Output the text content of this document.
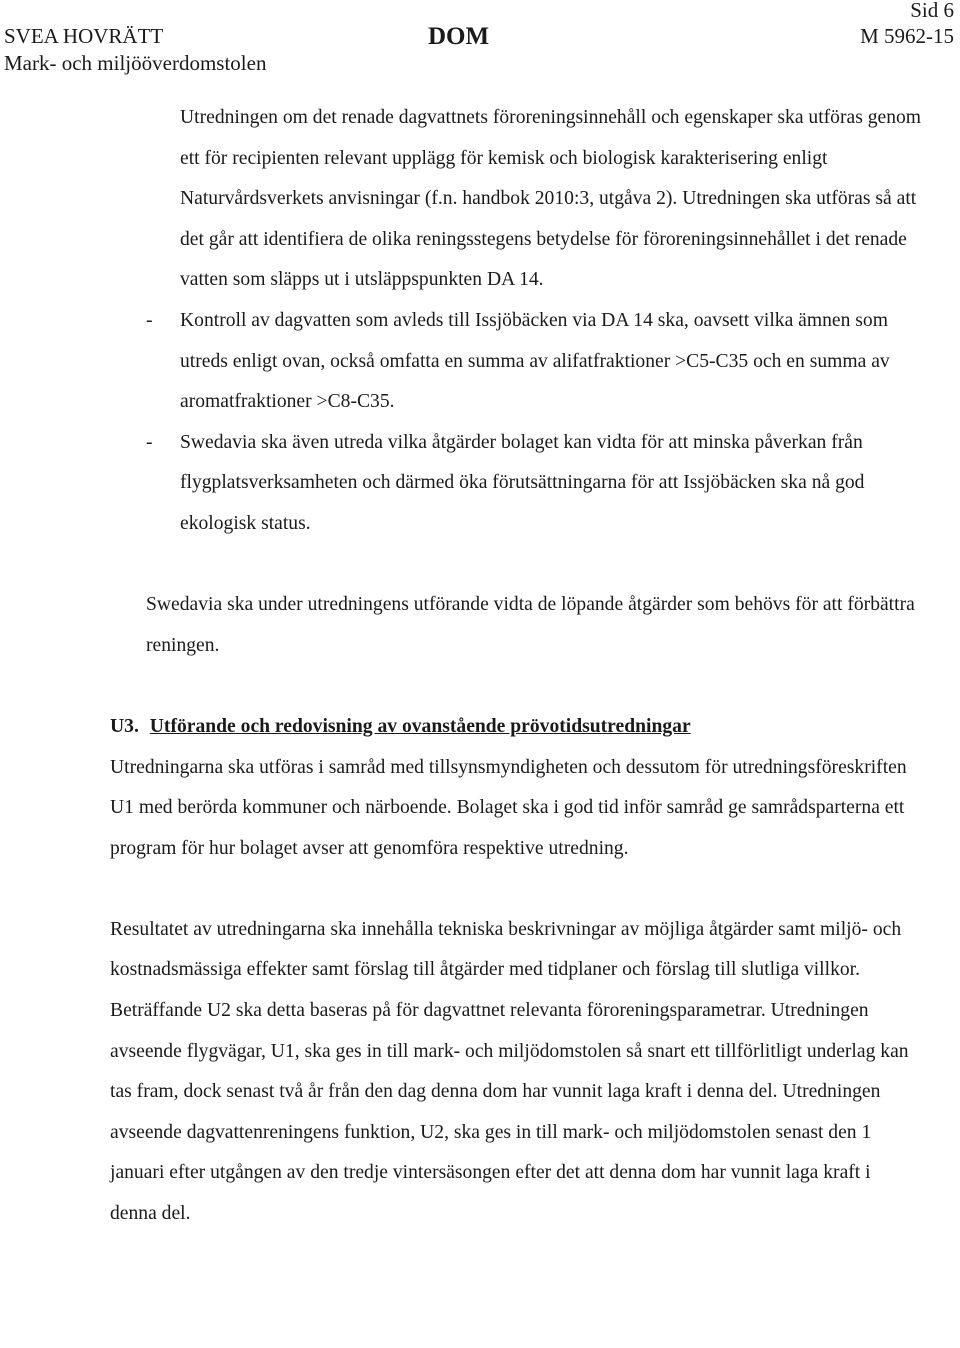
Sid 6
SVEA HOVRÄTT
Mark- och miljööverdomstolen
DOM	M 5962-15

Utredningen om det renade dagvattnets föroreningsinnehåll och egenskaper ska utföras genom ett för recipienten relevant upplägg för kemisk och biologisk karakterisering enligt Naturvårdsverkets anvisningar (f.n. handbok 2010:3, utgåva 2). Utredningen ska utföras så att det går att identifiera de olika reningsstegens betydelse för föroreningsinnehållet i det renade vatten som släpps ut i utsläppspunkten DA 14.

- Kontroll av dagvatten som avleds till Issjöbäcken via DA 14 ska, oavsett vilka ämnen som utreds enligt ovan, också omfatta en summa av alifatfraktioner >C5-C35 och en summa av aromatfraktioner >C8-C35.
- Swedavia ska även utreda vilka åtgärder bolaget kan vidta för att minska påverkan från flygplatsverksamheten och därmed öka förutsättningarna för att Issjöbäcken ska nå god ekologisk status.

Swedavia ska under utredningens utförande vidta de löpande åtgärder som behövs för att förbättra reningen.

U3. Utförande och redovisning av ovanstående prövotidsutredningar

Utredningarna ska utföras i samråd med tillsynsmyndigheten och dessutom för utredningsföreskriften U1 med berörda kommuner och närboende. Bolaget ska i god tid inför samråd ge samrådsparterna ett program för hur bolaget avser att genomföra respektive utredning.

Resultatet av utredningarna ska innehålla tekniska beskrivningar av möjliga åtgärder samt miljö- och kostnadsmässiga effekter samt förslag till åtgärder med tidplaner och förslag till slutliga villkor. Beträffande U2 ska detta baseras på för dagvattnet relevanta föroreningsparametrar. Utredningen avseende flygvägar, U1, ska ges in till mark- och miljödomstolen så snart ett tillförlitligt underlag kan tas fram, dock senast två år från den dag denna dom har vunnit laga kraft i denna del. Utredningen avseende dagvattenreningens funktion, U2, ska ges in till mark- och miljödomstolen senast den 1 januari efter utgången av den tredje vintersäsongen efter det att denna dom har vunnit laga kraft i denna del.
